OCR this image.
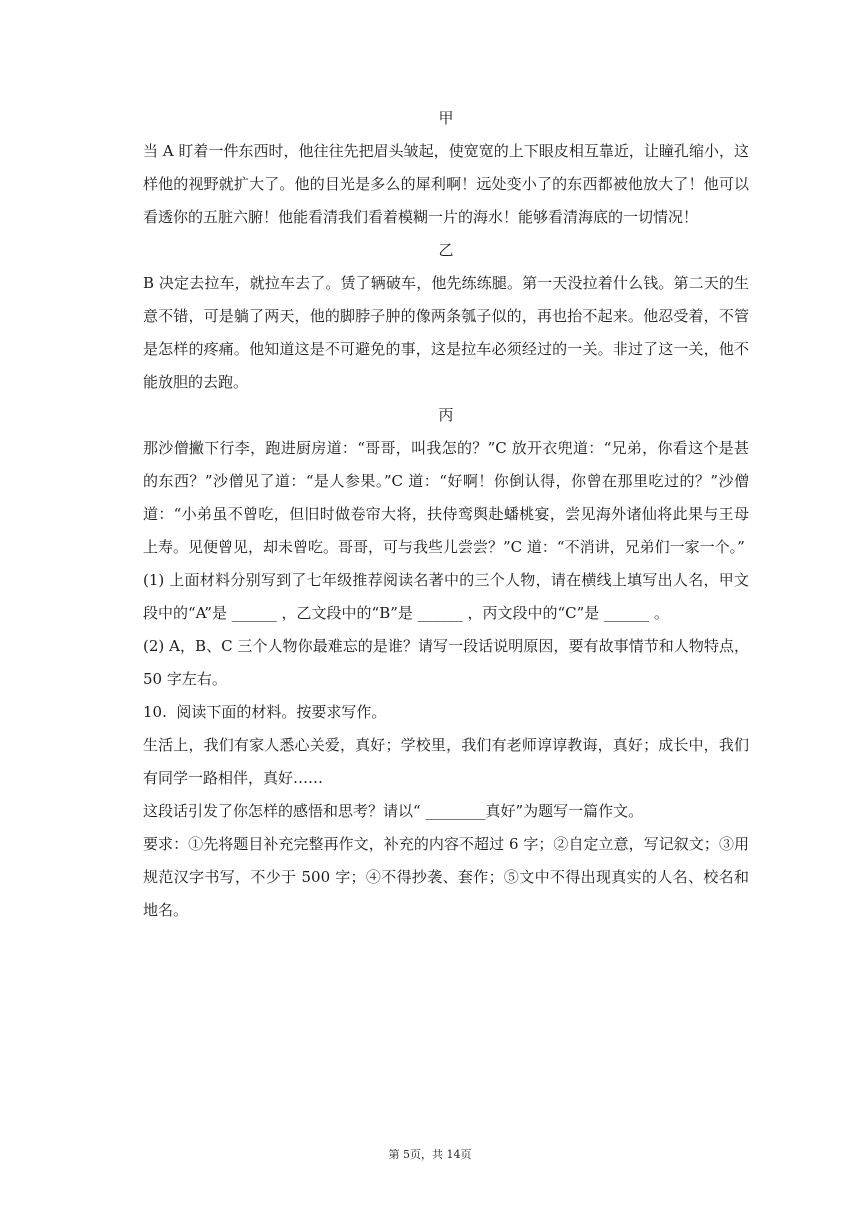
甲

当 A 盯着一件东西时，他往往先把眉头皱起，使宽宽的上下眼皮相互靠近，让瞳孔缩小，这样他的视野就扩大了。他的目光是多么的犀利啊！远处变小了的东西都被他放大了！他可以看透你的五脏六腑！他能看清我们看着模糊一片的海水！能够看清海底的一切情况！

乙

B 决定去拉车，就拉车去了。赁了辆破车，他先练练腿。第一天没拉着什么钱。第二天的生意不错，可是躺了两天，他的脚脖子肿的像两条瓠子似的，再也抬不起来。他忍受着，不管是怎样的疼痛。他知道这是不可避免的事，这是拉车必须经过的一关。非过了这一关，他不能放胆的去跑。

丙

那沙僧撇下行李，跑进厨房道：“哥哥，叫我怎的？”C 放开衣兜道：“兄弟，你看这个是甚的东西？”沙僧见了道：“是人参果。”C 道：“好啊！你倒认得，你曾在那里吃过的？”沙僧道：“小弟虽不曾吃，但旧时做卷帘大将，扶侍鸾舆赴蟠桃宴，尝见海外诸仙将此果与王母上寿。见便曾见，却未曾吃。哥哥，可与我些儿尝尝？”C 道：“不消讲，兄弟们一家一个。”

(1) 上面材料分别写到了七年级推荐阅读名著中的三个人物，请在横线上填写出人名，甲文段中的“A”是 ______ ，乙文段中的“B”是 ______ ，丙文段中的“C”是 ______ 。

(2) A，B、C 三个人物你最难忘的是谁？请写一段话说明原因，要有故事情节和人物特点，50 字左右。

10. 阅读下面的材料。按要求写作。

生活上，我们有家人悉心关爱，真好；学校里，我们有老师谆谆教诲，真好；成长中，我们有同学一路相伴，真好……

这段话引发了你怎样的感悟和思考？请以“ ________真好”为题写一篇作文。

要求：①先将题目补充完整再作文，补充的内容不超过 6 字；②自定立意，写记叙文；③用规范汉字书写，不少于 500 字；④不得抄袭、套作；⑤文中不得出现真实的人名、校名和地名。

第 5页，共 14页
